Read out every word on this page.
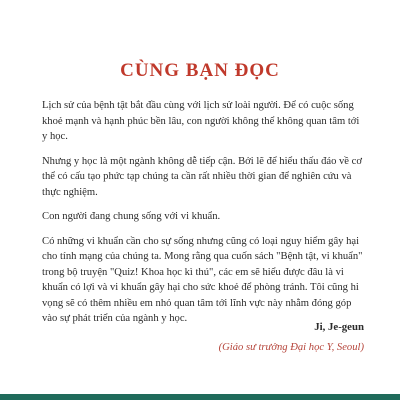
CÙNG BẠN ĐỌC

Lịch sử của bệnh tật bắt đầu cùng với lịch sử loài người. Để có cuộc sống khoẻ mạnh và hạnh phúc bền lâu, con người không thể không quan tâm tới y học.

Nhưng y học là một ngành không dễ tiếp cận. Bởi lẽ để hiểu thấu đáo về cơ thể có cấu tạo phức tạp chúng ta cần rất nhiều thời gian để nghiên cứu và thực nghiệm.

Con người đang chung sống với vi khuẩn.

Có những vi khuẩn cần cho sự sống nhưng cũng có loại nguy hiểm gây hại cho tính mạng của chúng ta. Mong rằng qua cuốn sách "Bệnh tật, vi khuẩn" trong bộ truyện "Quiz! Khoa học kì thú", các em sẽ hiểu được đâu là vi khuẩn có lợi và vi khuẩn gây hại cho sức khoẻ để phòng tránh. Tôi cũng hi vọng sẽ có thêm nhiều em nhỏ quan tâm tới lĩnh vực này nhằm đóng góp vào sự phát triển của ngành y học.

Ji, Je-geun
(Giáo sư trưởng Đại học Y, Seoul)
